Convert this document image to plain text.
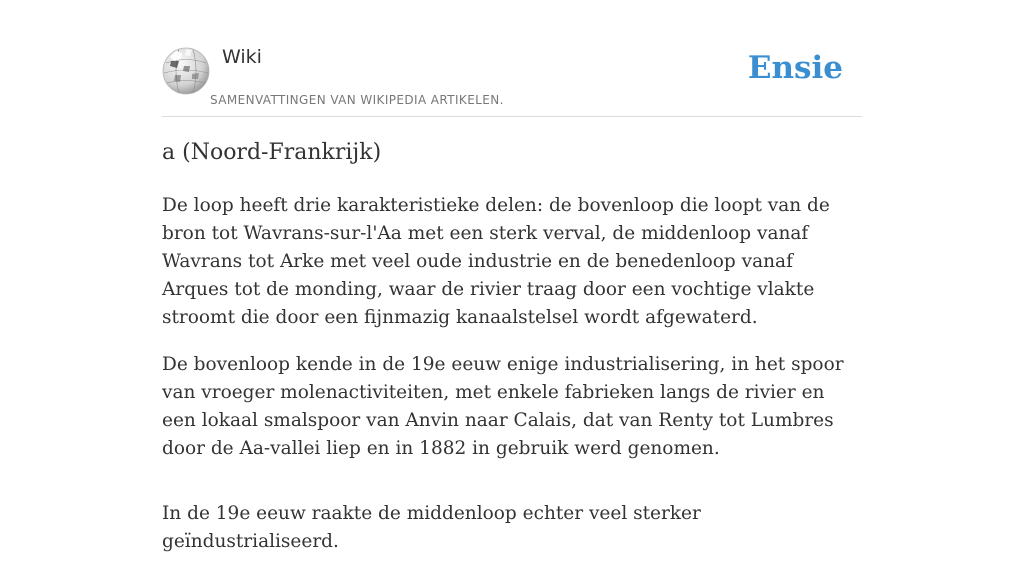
Wiki
SAMENVATTINGEN VAN WIKIPEDIA ARTIKELEN.
Ensie
a (Noord-Frankrijk)

De loop heeft drie karakteristieke delen: de bovenloop die loopt van de bron tot Wavrans-sur-l'Aa met een sterk verval, de middenloop vanaf Wavrans tot Arke met veel oude industrie en de benedenloop vanaf Arques tot de monding, waar de rivier traag door een vochtige vlakte stroomt die door een fijnmazig kanaalstelsel wordt afgewaterd.

De bovenloop kende in de 19e eeuw enige industrialisering, in het spoor van vroeger molenactiviteiten, met enkele fabrieken langs de rivier en een lokaal smalspoor van Anvin naar Calais, dat van Renty tot Lumbres door de Aa-vallei liep en in 1882 in gebruik werd genomen.

In de 19e eeuw raakte de middenloop echter veel sterker geïndustrialiseerd.
